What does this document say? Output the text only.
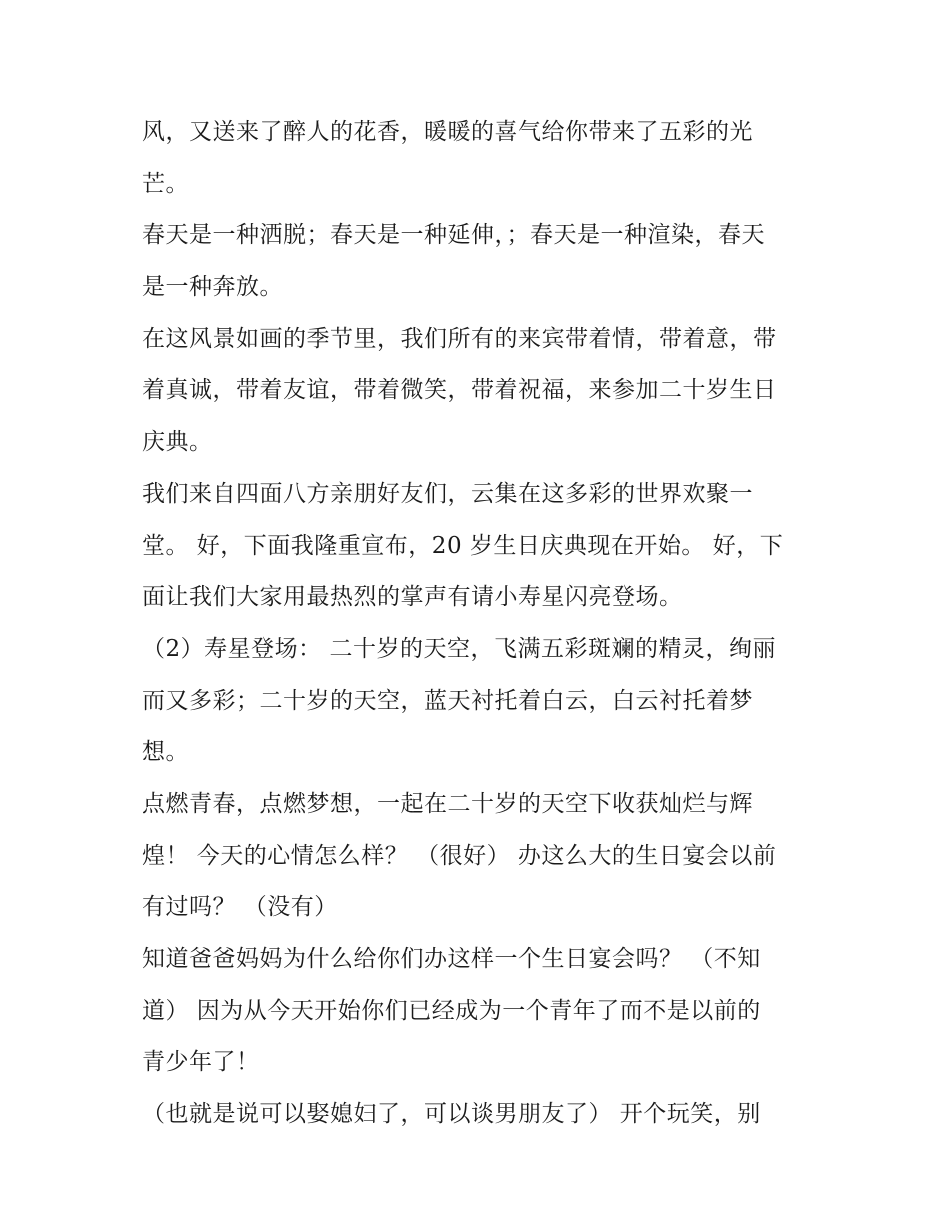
风，又送来了醉人的花香，暖暖的喜气给你带来了五彩的光
芒。
春天是一种洒脱；春天是一种延伸，；春天是一种渲染，春天
是一种奔放。
在这风景如画的季节里，我们所有的来宾带着情，带着意，带
着真诚，带着友谊，带着微笑，带着祝福，来参加二十岁生日
庆典。
我们来自四面八方亲朋好友们，云集在这多彩的世界欢聚一
堂。 好，下面我隆重宣布，20 岁生日庆典现在开始。 好，下
面让我们大家用最热烈的掌声有请小寿星闪亮登场。
（2）寿星登场： 二十岁的天空，飞满五彩斑斓的精灵，绚丽
而又多彩；二十岁的天空，蓝天衬托着白云，白云衬托着梦
想。
点燃青春，点燃梦想，一起在二十岁的天空下收获灿烂与辉
煌！ 今天的心情怎么样？ （很好） 办这么大的生日宴会以前
有过吗？ （没有）
知道爸爸妈妈为什么给你们办这样一个生日宴会吗？ （不知
道） 因为从今天开始你们已经成为一个青年了而不是以前的
青少年了！
（也就是说可以娶媳妇了，可以谈男朋友了） 开个玩笑，别
